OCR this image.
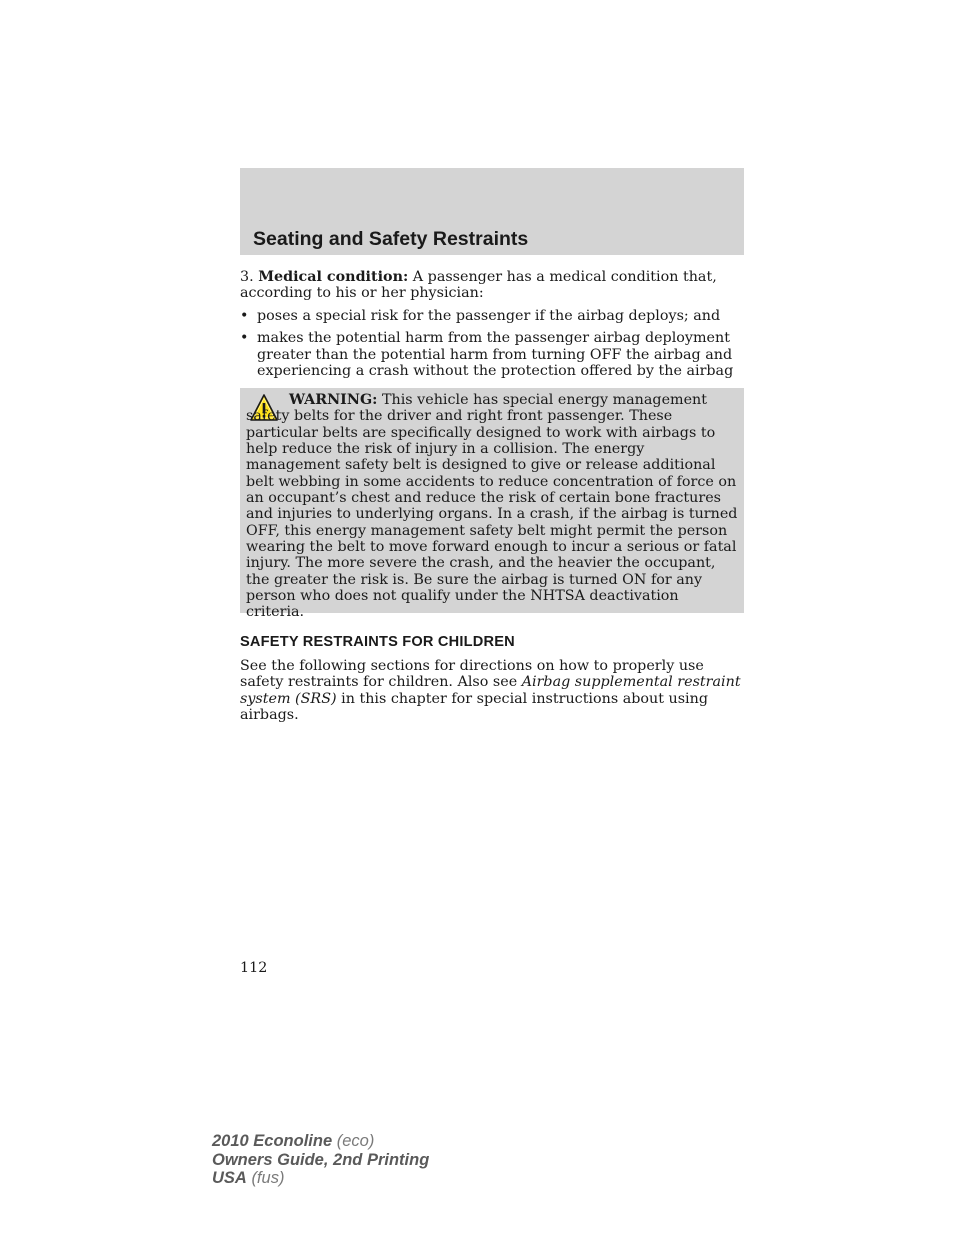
Seating and Safety Restraints

3. Medical condition: A passenger has a medical condition that, according to his or her physician:

• poses a special risk for the passenger if the airbag deploys; and
• makes the potential harm from the passenger airbag deployment greater than the potential harm from turning OFF the airbag and experiencing a crash without the protection offered by the airbag

WARNING: This vehicle has special energy management safety belts for the driver and right front passenger. These particular belts are specifically designed to work with airbags to help reduce the risk of injury in a collision. The energy management safety belt is designed to give or release additional belt webbing in some accidents to reduce concentration of force on an occupant’s chest and reduce the risk of certain bone fractures and injuries to underlying organs. In a crash, if the airbag is turned OFF, this energy management safety belt might permit the person wearing the belt to move forward enough to incur a serious or fatal injury. The more severe the crash, and the heavier the occupant, the greater the risk is. Be sure the airbag is turned ON for any person who does not qualify under the NHTSA deactivation criteria.

SAFETY RESTRAINTS FOR CHILDREN

See the following sections for directions on how to properly use safety restraints for children. Also see Airbag supplemental restraint system (SRS) in this chapter for special instructions about using airbags.

112
2010 Econoline (eco)
Owners Guide, 2nd Printing
USA (fus)
